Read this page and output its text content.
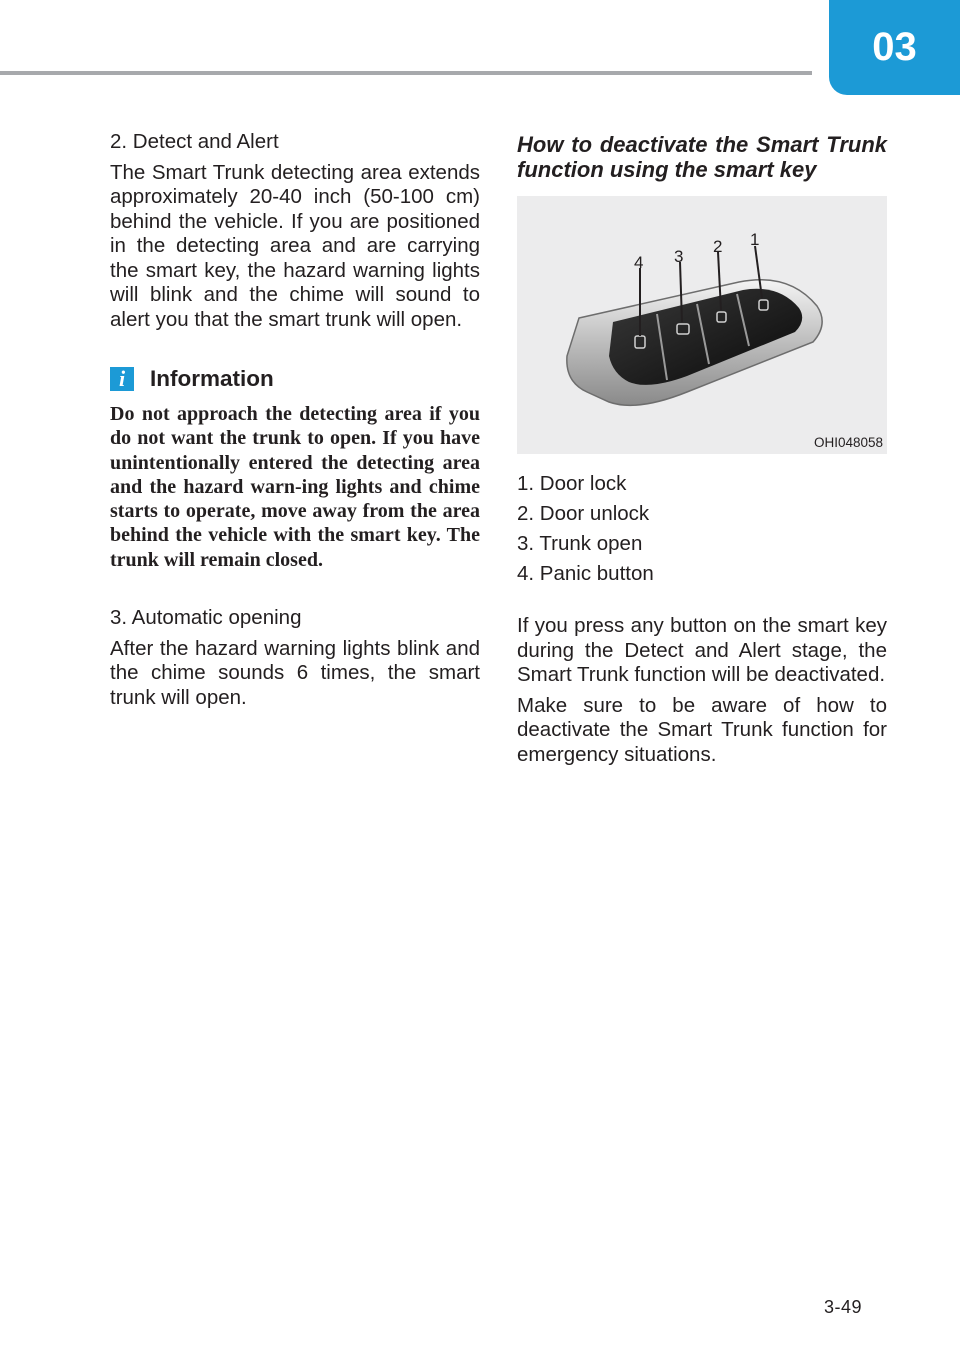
03

2. Detect and Alert

The Smart Trunk detecting area extends approximately 20-40 inch (50-100 cm) behind the vehicle. If you are positioned in the detecting area and are carrying the smart key, the hazard warning lights will blink and the chime will sound to alert you that the smart trunk will open.

i	Information

Do not approach the detecting area if you do not want the trunk to open. If you have unintentionally entered the detecting area and the hazard warn-ing lights and chime starts to operate, move away from the area behind the vehicle with the smart key. The trunk will remain closed.

3. Automatic opening

After the hazard warning lights blink and the chime sounds 6 times, the smart trunk will open.

How to deactivate the Smart Trunk function using the smart key

4 3
2 1
OHI048058

1. Door lock

2. Door unlock

3. Trunk open

4. Panic button

If you press any button on the smart key during the Detect and Alert stage, the Smart Trunk function will be deactivated.

Make sure to be aware of how to deactivate the Smart Trunk function for emergency situations.

3-49
